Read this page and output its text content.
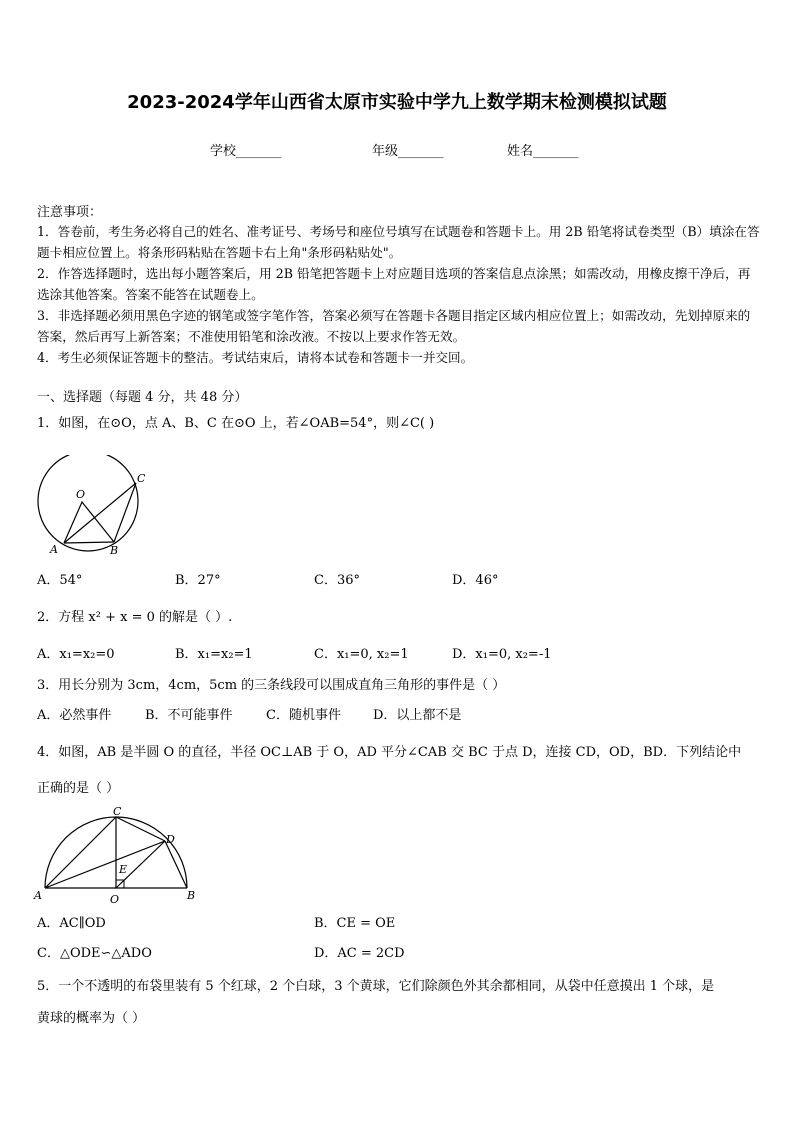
2023-2024学年山西省太原市实验中学九上数学期末检测模拟试题
学校_______	年级_______	姓名_______
注意事项：
1．答卷前，考生务必将自己的姓名、准考证号、考场号和座位号填写在试题卷和答题卡上。用 2B 铅笔将试卷类型（B）填涂在答题卡相应位置上。将条形码粘贴在答题卡右上角"条形码粘贴处"。
2．作答选择题时，选出每小题答案后，用 2B 铅笔把答题卡上对应题目选项的答案信息点涂黑；如需改动，用橡皮擦干净后，再选涂其他答案。答案不能答在试题卷上。
3．非选择题必须用黑色字迹的钢笔或签字笔作答，答案必须写在答题卡各题目指定区域内相应位置上；如需改动，先划掉原来的答案，然后再写上新答案；不准使用铅笔和涂改液。不按以上要求作答无效。
4．考生必须保证答题卡的整洁。考试结束后，请将本试卷和答题卡一并交回。
一、选择题（每题 4 分，共 48 分）
1．如图，在⊙O，点 A、B、C 在⊙O 上，若∠OAB=54°，则∠C( )
O
A	B
C
A．54°	B．27°	C．36°	D．46°
2．方程 x² + x = 0 的解是（ ）.
A．x₁=x₂=0	B．x₁=x₂=1	C．x₁=0, x₂=1	D．x₁=0, x₂=-1
3．用长分别为 3cm，4cm，5cm 的三条线段可以围成直角三角形的事件是（ ）
A．必然事件	B．不可能事件	C．随机事件 D．以上都不是
4．如图，AB 是半圆 O 的直径，半径 OC⊥AB 于 O，AD 平分∠CAB 交 BC 于点 D，连接 CD，OD，BD．下列结论中
正确的是（ ）
A	B
C
D
E
O
A．AC∥OD	B．CE = OE
C．△ODE∽△ADO	D．AC = 2CD
5．一个不透明的布袋里装有 5 个红球，2 个白球，3 个黄球，它们除颜色外其余都相同，从袋中任意摸出 1 个球，是
黄球的概率为（ ）
